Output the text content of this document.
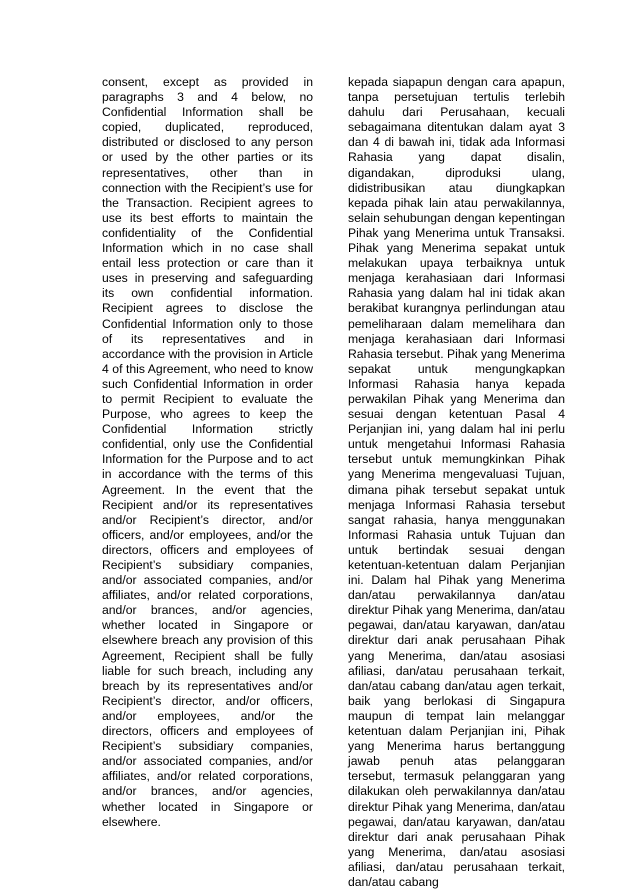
consent, except as provided in paragraphs 3 and 4 below, no Confidential Information shall be copied, duplicated, reproduced, distributed or disclosed to any person or used by the other parties or its representatives, other than in connection with the Recipient’s use for the Transaction. Recipient agrees to use its best efforts to maintain the confidentiality of the Confidential Information which in no case shall entail less protection or care than it uses in preserving and safeguarding its own confidential information. Recipient agrees to disclose the Confidential Information only to those of its representatives and in accordance with the provision in Article 4 of this Agreement, who need to know such Confidential Information in order to permit Recipient to evaluate the Purpose, who agrees to keep the Confidential Information strictly confidential, only use the Confidential Information for the Purpose and to act in accordance with the terms of this Agreement. In the event that the Recipient and/or its representatives and/or Recipient’s director, and/or officers, and/or employees, and/or the directors, officers and employees of Recipient’s subsidiary companies, and/or associated companies, and/or affiliates, and/or related corporations, and/or brances, and/or agencies, whether located in Singapore or elsewhere breach any provision of this Agreement, Recipient shall be fully liable for such breach, including any breach by its representatives and/or Recipient’s director, and/or officers, and/or employees, and/or the directors, officers and employees of Recipient’s subsidiary companies, and/or associated companies, and/or affiliates, and/or related corporations, and/or brances, and/or agencies, whether located in Singapore or elsewhere.

kepada siapapun dengan cara apapun, tanpa persetujuan tertulis terlebih dahulu dari Perusahaan, kecuali sebagaimana ditentukan dalam ayat 3 dan 4 di bawah ini, tidak ada Informasi Rahasia yang dapat disalin, digandakan, diproduksi ulang, didistribusikan atau diungkapkan kepada pihak lain atau perwakilannya, selain sehubungan dengan kepentingan Pihak yang Menerima untuk Transaksi. Pihak yang Menerima sepakat untuk melakukan upaya terbaiknya untuk menjaga kerahasiaan dari Informasi Rahasia yang dalam hal ini tidak akan berakibat kurangnya perlindungan atau pemeliharaan dalam memelihara dan menjaga kerahasiaan dari Informasi Rahasia tersebut. Pihak yang Menerima sepakat untuk mengungkapkan Informasi Rahasia hanya kepada perwakilan Pihak yang Menerima dan sesuai dengan ketentuan Pasal 4 Perjanjian ini, yang dalam hal ini perlu untuk mengetahui Informasi Rahasia tersebut untuk memungkinkan Pihak yang Menerima mengevaluasi Tujuan, dimana pihak tersebut sepakat untuk menjaga Informasi Rahasia tersebut sangat rahasia, hanya menggunakan Informasi Rahasia untuk Tujuan dan untuk bertindak sesuai dengan ketentuan-ketentuan dalam Perjanjian ini. Dalam hal Pihak yang Menerima dan/atau perwakilannya dan/atau direktur Pihak yang Menerima, dan/atau pegawai, dan/atau karyawan, dan/atau direktur dari anak perusahaan Pihak yang Menerima, dan/atau asosiasi afiliasi, dan/atau perusahaan terkait, dan/atau cabang dan/atau agen terkait, baik yang berlokasi di Singapura maupun di tempat lain melanggar ketentuan dalam Perjanjian ini, Pihak yang Menerima harus bertanggung jawab penuh atas pelanggaran tersebut, termasuk pelanggaran yang dilakukan oleh perwakilannya dan/atau direktur Pihak yang Menerima, dan/atau pegawai, dan/atau karyawan, dan/atau direktur dari anak perusahaan Pihak yang Menerima, dan/atau asosiasi afiliasi, dan/atau perusahaan terkait, dan/atau cabang
